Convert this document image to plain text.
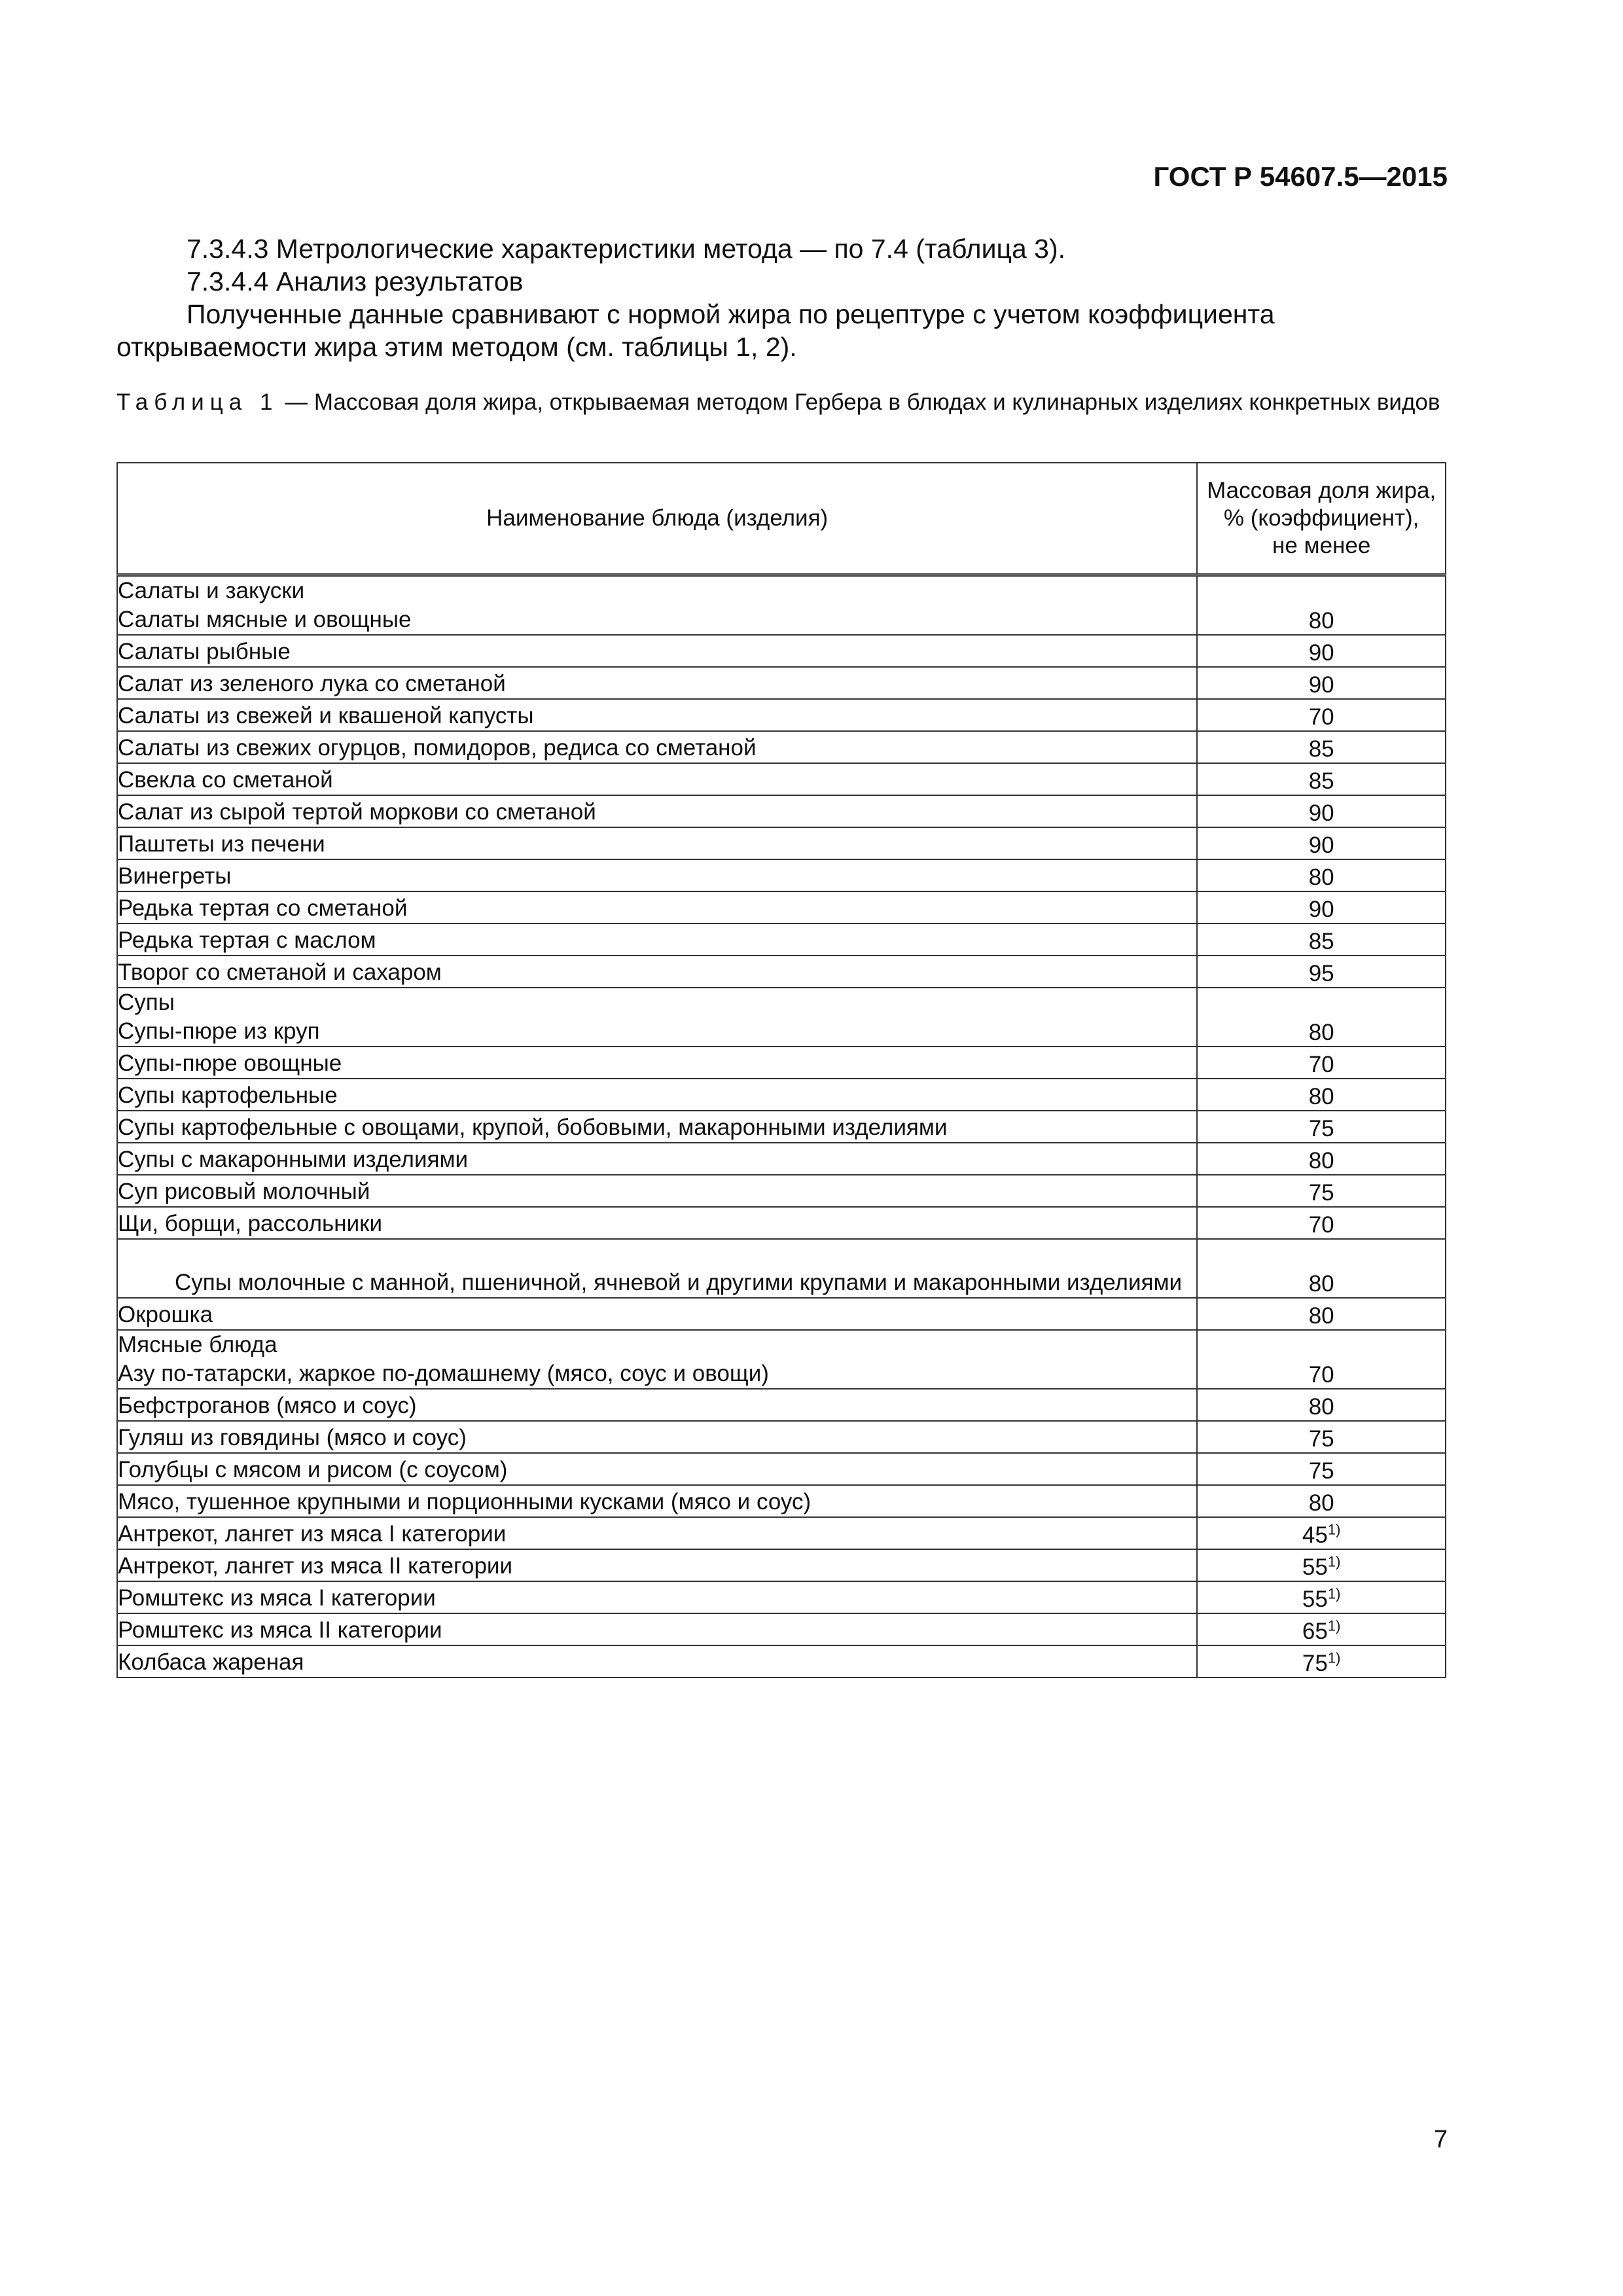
ГОСТ Р 54607.5—2015
7.3.4.3 Метрологические характеристики метода — по 7.4 (таблица 3).
7.3.4.4 Анализ результатов
Полученные данные сравнивают с нормой жира по рецептуре с учетом коэффициента открываемости жира этим методом (см. таблицы 1, 2).
Таблица 1 — Массовая доля жира, открываемая методом Гербера в блюдах и кулинарных изделиях конкретных видов
Наименование блюда (изделия)	Массовая доля жира,
% (коэффициент),
не менее

Салаты и закуски
Салаты мясные и овощные	80
Салаты рыбные	90
Салат из зеленого лука со сметаной	90
Салаты из свежей и квашеной капусты	70
Салаты из свежих огурцов, помидоров, редиса со сметаной	85
Свекла со сметаной	85
Салат из сырой тертой моркови со сметаной	90
Паштеты из печени	90
Винегреты	80
Редька тертая со сметаной	90
Редька тертая с маслом	85
Творог со сметаной и сахаром	95

Супы
Супы-пюре из круп	80
Супы-пюре овощные	70
Супы картофельные	80
Супы картофельные с овощами, крупой, бобовыми, макаронными изделиями	75
Супы с макаронными изделиями	80
Суп рисовый молочный	75
Щи, борщи, рассольники	70
Супы молочные с манной, пшеничной, ячневой и другими крупами и макаронными изделиями	80
Окрошка	80

Мясные блюда
Азу по-татарски, жаркое по-домашнему (мясо, соус и овощи)	70
Бефстроганов (мясо и соус)	80
Гуляш из говядины (мясо и соус)	75
Голубцы с мясом и рисом (с соусом)	75
Мясо, тушенное крупными и порционными кусками (мясо и соус)	80
Антрекот, лангет из мяса I категории	45$^{1)}$
Антрекот, лангет из мяса II категории	55$^{1)}$
Ромштекс из мяса I категории	55$^{1)}$
Ромштекс из мяса II категории	65$^{1)}$
Колбаса жареная	75$^{1)}$
7
